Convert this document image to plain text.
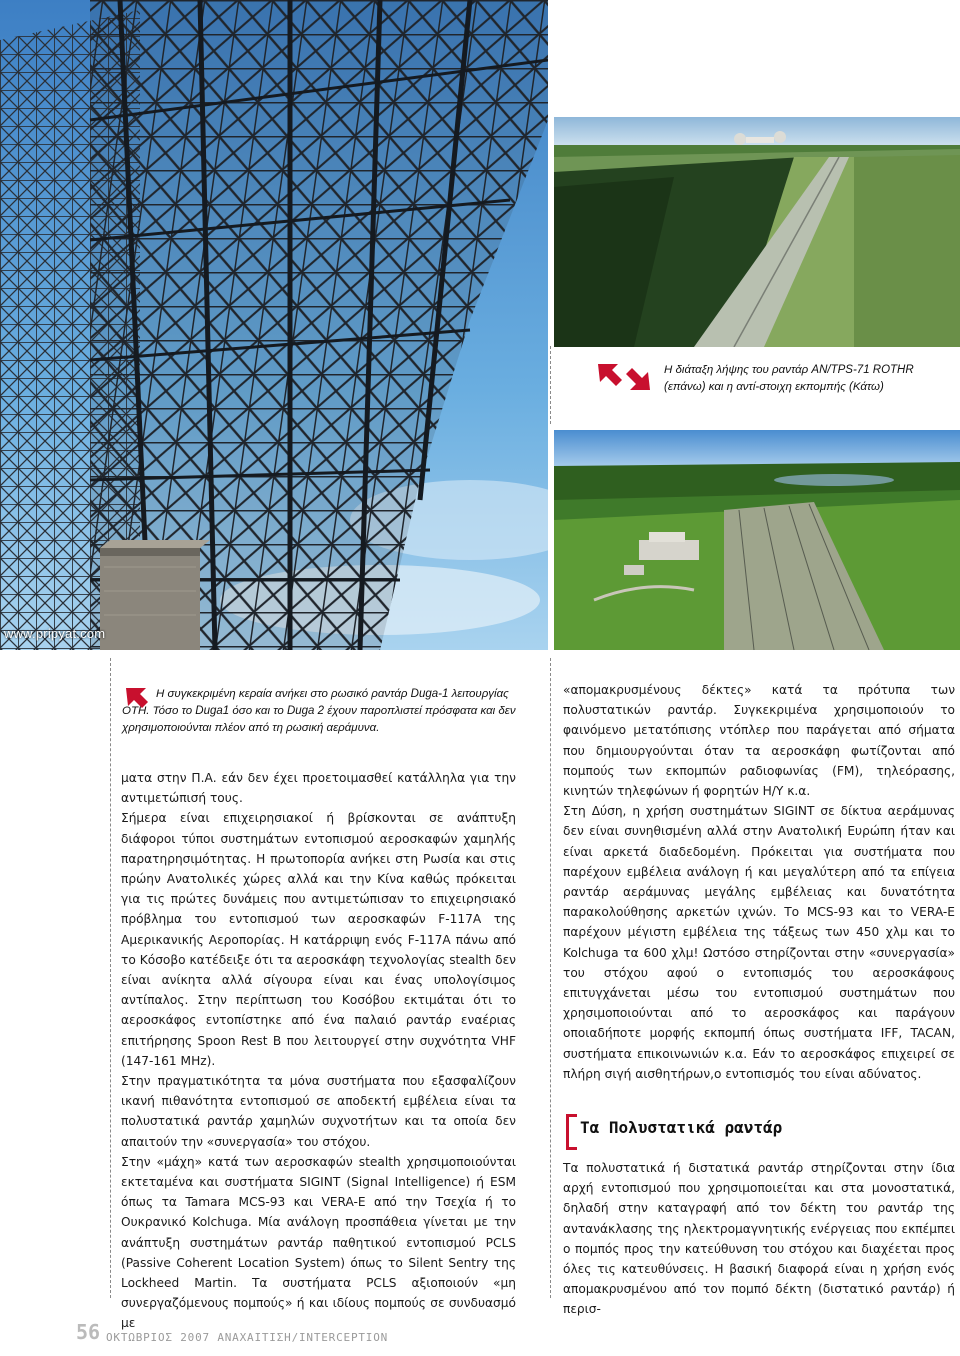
www.pripyat.com
Η διάταξη λήψης του ραντάρ AN/TPS-71 ROTHR (επάνω) και η αντί-στοιχη εκπομπής (Κάτω)
Η συγκεκριμένη κεραία ανήκει στο ρωσικό ραντάρ Duga-1 λειτουργίας ΟΤΗ. Τόσο το Duga1 όσο και το Duga 2 έχουν παροπλιστεί πρόσφατα και δεν χρησιμοποιούνται πλέον από τη ρωσική αεράμυνα.

ματα στην Π.Α. εάν δεν έχει προετοιμασθεί κατάλληλα για την αντιμετώπισή τους.

Σήμερα είναι επιχειρησιακοί ή βρίσκονται σε ανάπτυξη διάφοροι τύποι συστημάτων εντοπισμού αεροσκαφών χαμηλής παρατηρησιμότητας. Η πρωτοπορία ανήκει στη Ρωσία και στις πρώην Ανατολικές χώρες αλλά και την Κίνα καθώς πρόκειται για τις πρώτες δυνάμεις που αντιμετώπισαν το επιχειρησιακό πρόβλημα του εντοπισμού των αεροσκαφών F-117A της Αμερικανικής Αεροπορίας. Η κατάρριψη ενός F-117A πάνω από το Κόσοβο κατέδειξε ότι τα αεροσκάφη τεχνολογίας stealth δεν είναι ανίκητα αλλά σίγουρα είναι και ένας υπολογίσιμος αντίπαλος. Στην περίπτωση του Κοσόβου εκτιμάται ότι το αεροσκάφος εντοπίστηκε από ένα παλαιό ραντάρ εναέριας επιτήρησης Spoon Rest B που λειτουργεί στην συχνότητα VHF (147-161 MHz).

Στην πραγματικότητα τα μόνα συστήματα που εξασφαλίζουν ικανή πιθανότητα εντοπισμού σε αποδεκτή εμβέλεια είναι τα πολυστατικά ραντάρ χαμηλών συχνοτήτων και τα οποία δεν απαιτούν την «συνεργασία» του στόχου.

Στην «μάχη» κατά των αεροσκαφών stealth χρησιμοποιούνται εκτεταμένα και συστήματα SIGINT (Signal Intelligence) ή ESM όπως τα Tamara MCS-93 και VERA-E από την Τσεχία ή το Ουκρανικό Kolchuga. Μία ανάλογη προσπάθεια γίνεται με την ανάπτυξη συστημάτων ραντάρ παθητικού εντοπισμού PCLS (Passive Coherent Location System) όπως το Silent Sentry της Lockheed Martin. Τα συστήματα PCLS αξιοποιούν «μη συνεργαζόμενους πομπούς» ή και ιδίους πομπούς σε συνδυασμό με

«απομακρυσμένους δέκτες» κατά τα πρότυπα των πολυστατικών ραντάρ. Συγκεκριμένα χρησιμοποιούν το φαινόμενο μετατόπισης ντόπλερ που παράγεται από σήματα που δημιουργούνται όταν τα αεροσκάφη φωτίζονται από πομπούς των εκπομπών ραδιοφωνίας (FM), τηλεόρασης, κινητών τηλεφώνων ή φορητών Η/Υ κ.α.

Στη Δύση, η χρήση συστημάτων SIGINT σε δίκτυα αεράμυνας δεν είναι συνηθισμένη αλλά στην Ανατολική Ευρώπη ήταν και είναι αρκετά διαδεδομένη. Πρόκειται για συστήματα που παρέχουν εμβέλεια ανάλογη ή και μεγαλύτερη από τα επίγεια ραντάρ αεράμυνας μεγάλης εμβέλειας και δυνατότητα παρακολούθησης αρκετών ιχνών. Το MCS-93 και το VERA-E παρέχουν μέγιστη εμβέλεια της τάξεως των 450 χλμ και το Kolchuga τα 600 χλμ! Ωστόσο στηρίζονται στην «συνεργασία» του στόχου αφού ο εντοπισμός του αεροσκάφους επιτυγχάνεται μέσω του εντοπισμού συστημάτων που χρησιμοποιούνται από το αεροσκάφος και παράγουν οποιαδήποτε μορφής εκπομπή όπως συστήματα IFF, TACAN, συστήματα επικοινωνιών κ.α. Εάν το αεροσκάφος επιχειρεί σε πλήρη σιγή αισθητήρων,ο εντοπισμός του είναι αδύνατος.

Τα Πολυστατικά ραντάρ

Τα πολυστατικά ή διστατικά ραντάρ στηρίζονται στην ίδια αρχή εντοπισμού που χρησιμοποιείται και στα μονοστατικά, δηλαδή στην καταγραφή από τον δέκτη του ραντάρ της αντανάκλασης της ηλεκτρομαγνητικής ενέργειας που εκπέμπει ο πομπός προς την κατεύθυνση του στόχου και διαχέεται προς όλες τις κατευθύνσεις. Η βασική διαφορά είναι η χρήση ενός απομακρυσμένου από τον πομπό δέκτη (διστατικό ραντάρ) ή περισ-

56 ΟΚΤΩΒΡΙΟΣ 2007 ΑΝΑΧΑΙΤΙΣΗ/INTERCEPTION
